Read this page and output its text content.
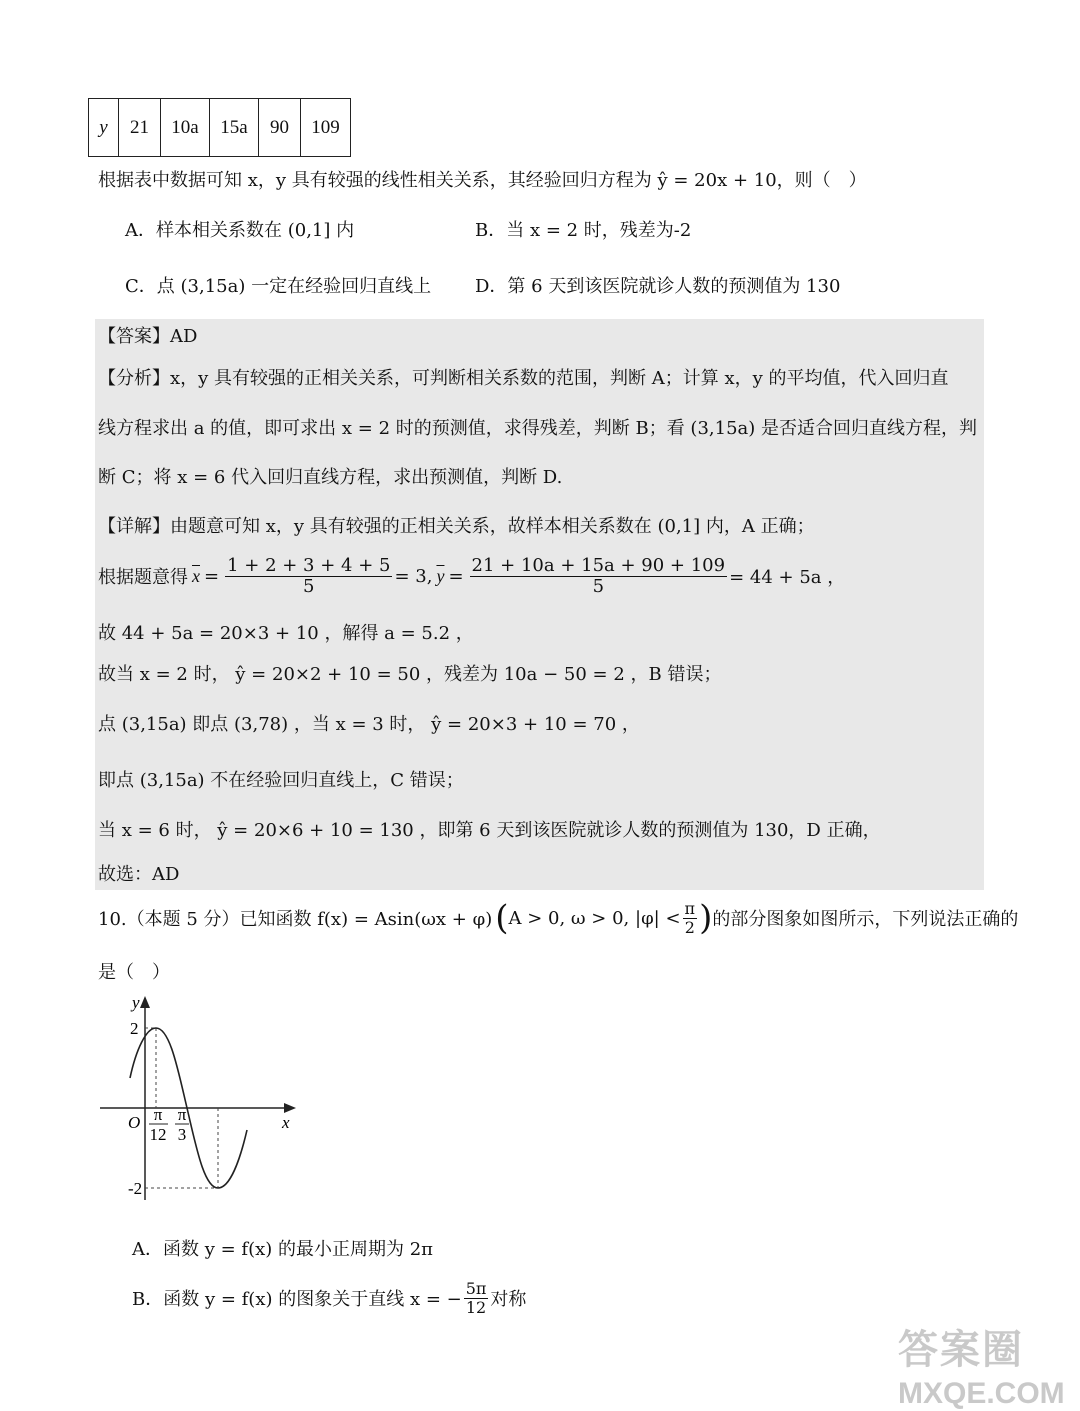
y	21	10a	15a	90	109
根据表中数据可知 x，y 具有较强的线性相关关系，其经验回归方程为 ŷ = 20x + 10，则（　）
A．样本相关系数在 (0,1] 内	B．当 x = 2 时，残差为-2
C．点 (3,15a) 一定在经验回归直线上 D．第 6 天到该医院就诊人数的预测值为 130
【答案】AD
【分析】x，y 具有较强的正相关关系，可判断相关系数的范围，判断 A；计算 x，y 的平均值，代入回归直
线方程求出 a 的值，即可求出 x = 2 时的预测值，求得残差，判断 B；看 (3,15a) 是否适合回归直线方程，判
断 C；将 x = 6 代入回归直线方程，求出预测值，判断 D.
【详解】由题意可知 x，y 具有较强的正相关关系，故样本相关系数在 (0,1] 内，A 正确；
根据题意得 $\overline{x} = \frac{1 + 2 + 3 + 4 + 5}{5} = 3$, $\overline{y} = \frac{21 + 10a + 15a + 90 + 109}{5} = 44 + 5a$ ，
故 44 + 5a = 20×3 + 10 ，解得 a = 5.2 ，
故当 x = 2 时， ŷ = 20×2 + 10 = 50 ，残差为 10a − 50 = 2 ，B 错误；
点 (3,15a) 即点 (3,78) ，当 x = 3 时， ŷ = 20×3 + 10 = 70 ，
即点 (3,15a) 不在经验回归直线上，C 错误；
当 x = 6 时， ŷ = 20×6 + 10 = 130 ，即第 6 天到该医院就诊人数的预测值为 130，D 正确，
故选：AD
10.（本题 5 分）已知函数 f(x) = Asin(ωx + φ) ( A > 0, ω > 0, $|\varphi| < \frac{\pi}{2}$ ) 的部分图象如图所示，下列说法正确的
是（　）
y
x
O
2
-2
π
12
π
3
A．函数 y = f(x) 的最小正周期为 2π
B．函数 y = f(x) 的图象关于直线 x = − $\frac{5\pi}{12}$ 对称
答案圈
MXQE.COM
